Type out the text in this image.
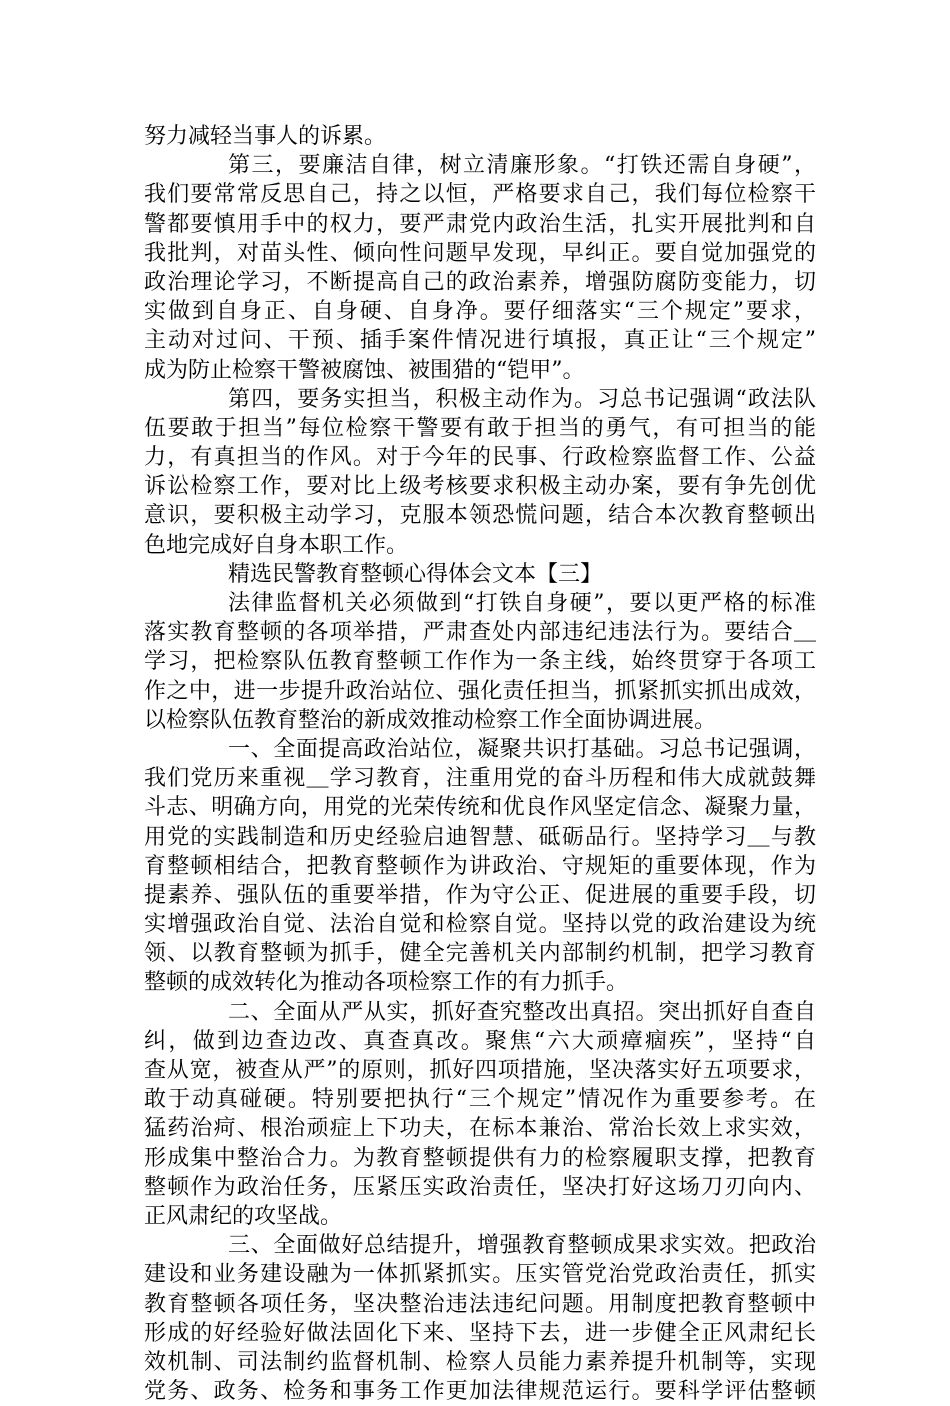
努力减轻当事人的诉累。
第三，要廉洁自律，树立清廉形象。“打铁还需自身硬”，
我们要常常反思自己，持之以恒，严格要求自己，我们每位检察干
警都要慎用手中的权力，要严肃党内政治生活，扎实开展批判和自
我批判，对苗头性、倾向性问题早发现，早纠正。要自觉加强党的
政治理论学习，不断提高自己的政治素养，增强防腐防变能力，切
实做到自身正、自身硬、自身净。要仔细落实“三个规定”要求，
主动对过问、干预、插手案件情况进行填报，真正让“三个规定”
成为防止检察干警被腐蚀、被围猎的“铠甲”。
第四，要务实担当，积极主动作为。习总书记强调“政法队
伍要敢于担当”每位检察干警要有敢于担当的勇气，有可担当的能
力，有真担当的作风。对于今年的民事、行政检察监督工作、公益
诉讼检察工作，要对比上级考核要求积极主动办案，要有争先创优
意识，要积极主动学习，克服本领恐慌问题，结合本次教育整顿出
色地完成好自身本职工作。
精选民警教育整顿心得体会文本【三】
法律监督机关必须做到“打铁自身硬”，要以更严格的标准
落实教育整顿的各项举措，严肃查处内部违纪违法行为。要结合＿
学习，把检察队伍教育整顿工作作为一条主线，始终贯穿于各项工
作之中，进一步提升政治站位、强化责任担当，抓紧抓实抓出成效，
以检察队伍教育整治的新成效推动检察工作全面协调进展。
一、全面提高政治站位，凝聚共识打基础。习总书记强调，
我们党历来重视＿学习教育，注重用党的奋斗历程和伟大成就鼓舞
斗志、明确方向，用党的光荣传统和优良作风坚定信念、凝聚力量，
用党的实践制造和历史经验启迪智慧、砥砺品行。坚持学习＿与教
育整顿相结合，把教育整顿作为讲政治、守规矩的重要体现，作为
提素养、强队伍的重要举措，作为守公正、促进展的重要手段，切
实增强政治自觉、法治自觉和检察自觉。坚持以党的政治建设为统
领、以教育整顿为抓手，健全完善机关内部制约机制，把学习教育
整顿的成效转化为推动各项检察工作的有力抓手。
二、全面从严从实，抓好查究整改出真招。突出抓好自查自
纠，做到边查边改、真查真改。聚焦“六大顽瘴痼疾”，坚持“自
查从宽，被查从严”的原则，抓好四项措施，坚决落实好五项要求，
敢于动真碰硬。特别要把执行“三个规定”情况作为重要参考。在
猛药治疴、根治顽症上下功夫，在标本兼治、常治长效上求实效，
形成集中整治合力。为教育整顿提供有力的检察履职支撑，把教育
整顿作为政治任务，压紧压实政治责任，坚决打好这场刀刃向内、
正风肃纪的攻坚战。
三、全面做好总结提升，增强教育整顿成果求实效。把政治
建设和业务建设融为一体抓紧抓实。压实管党治党政治责任，抓实
教育整顿各项任务，坚决整治违法违纪问题。用制度把教育整顿中
形成的好经验好做法固化下来、坚持下去，进一步健全正风肃纪长
效机制、司法制约监督机制、检察人员能力素养提升机制等，实现
党务、政务、检务和事务工作更加法律规范运行。要科学评估整顿
